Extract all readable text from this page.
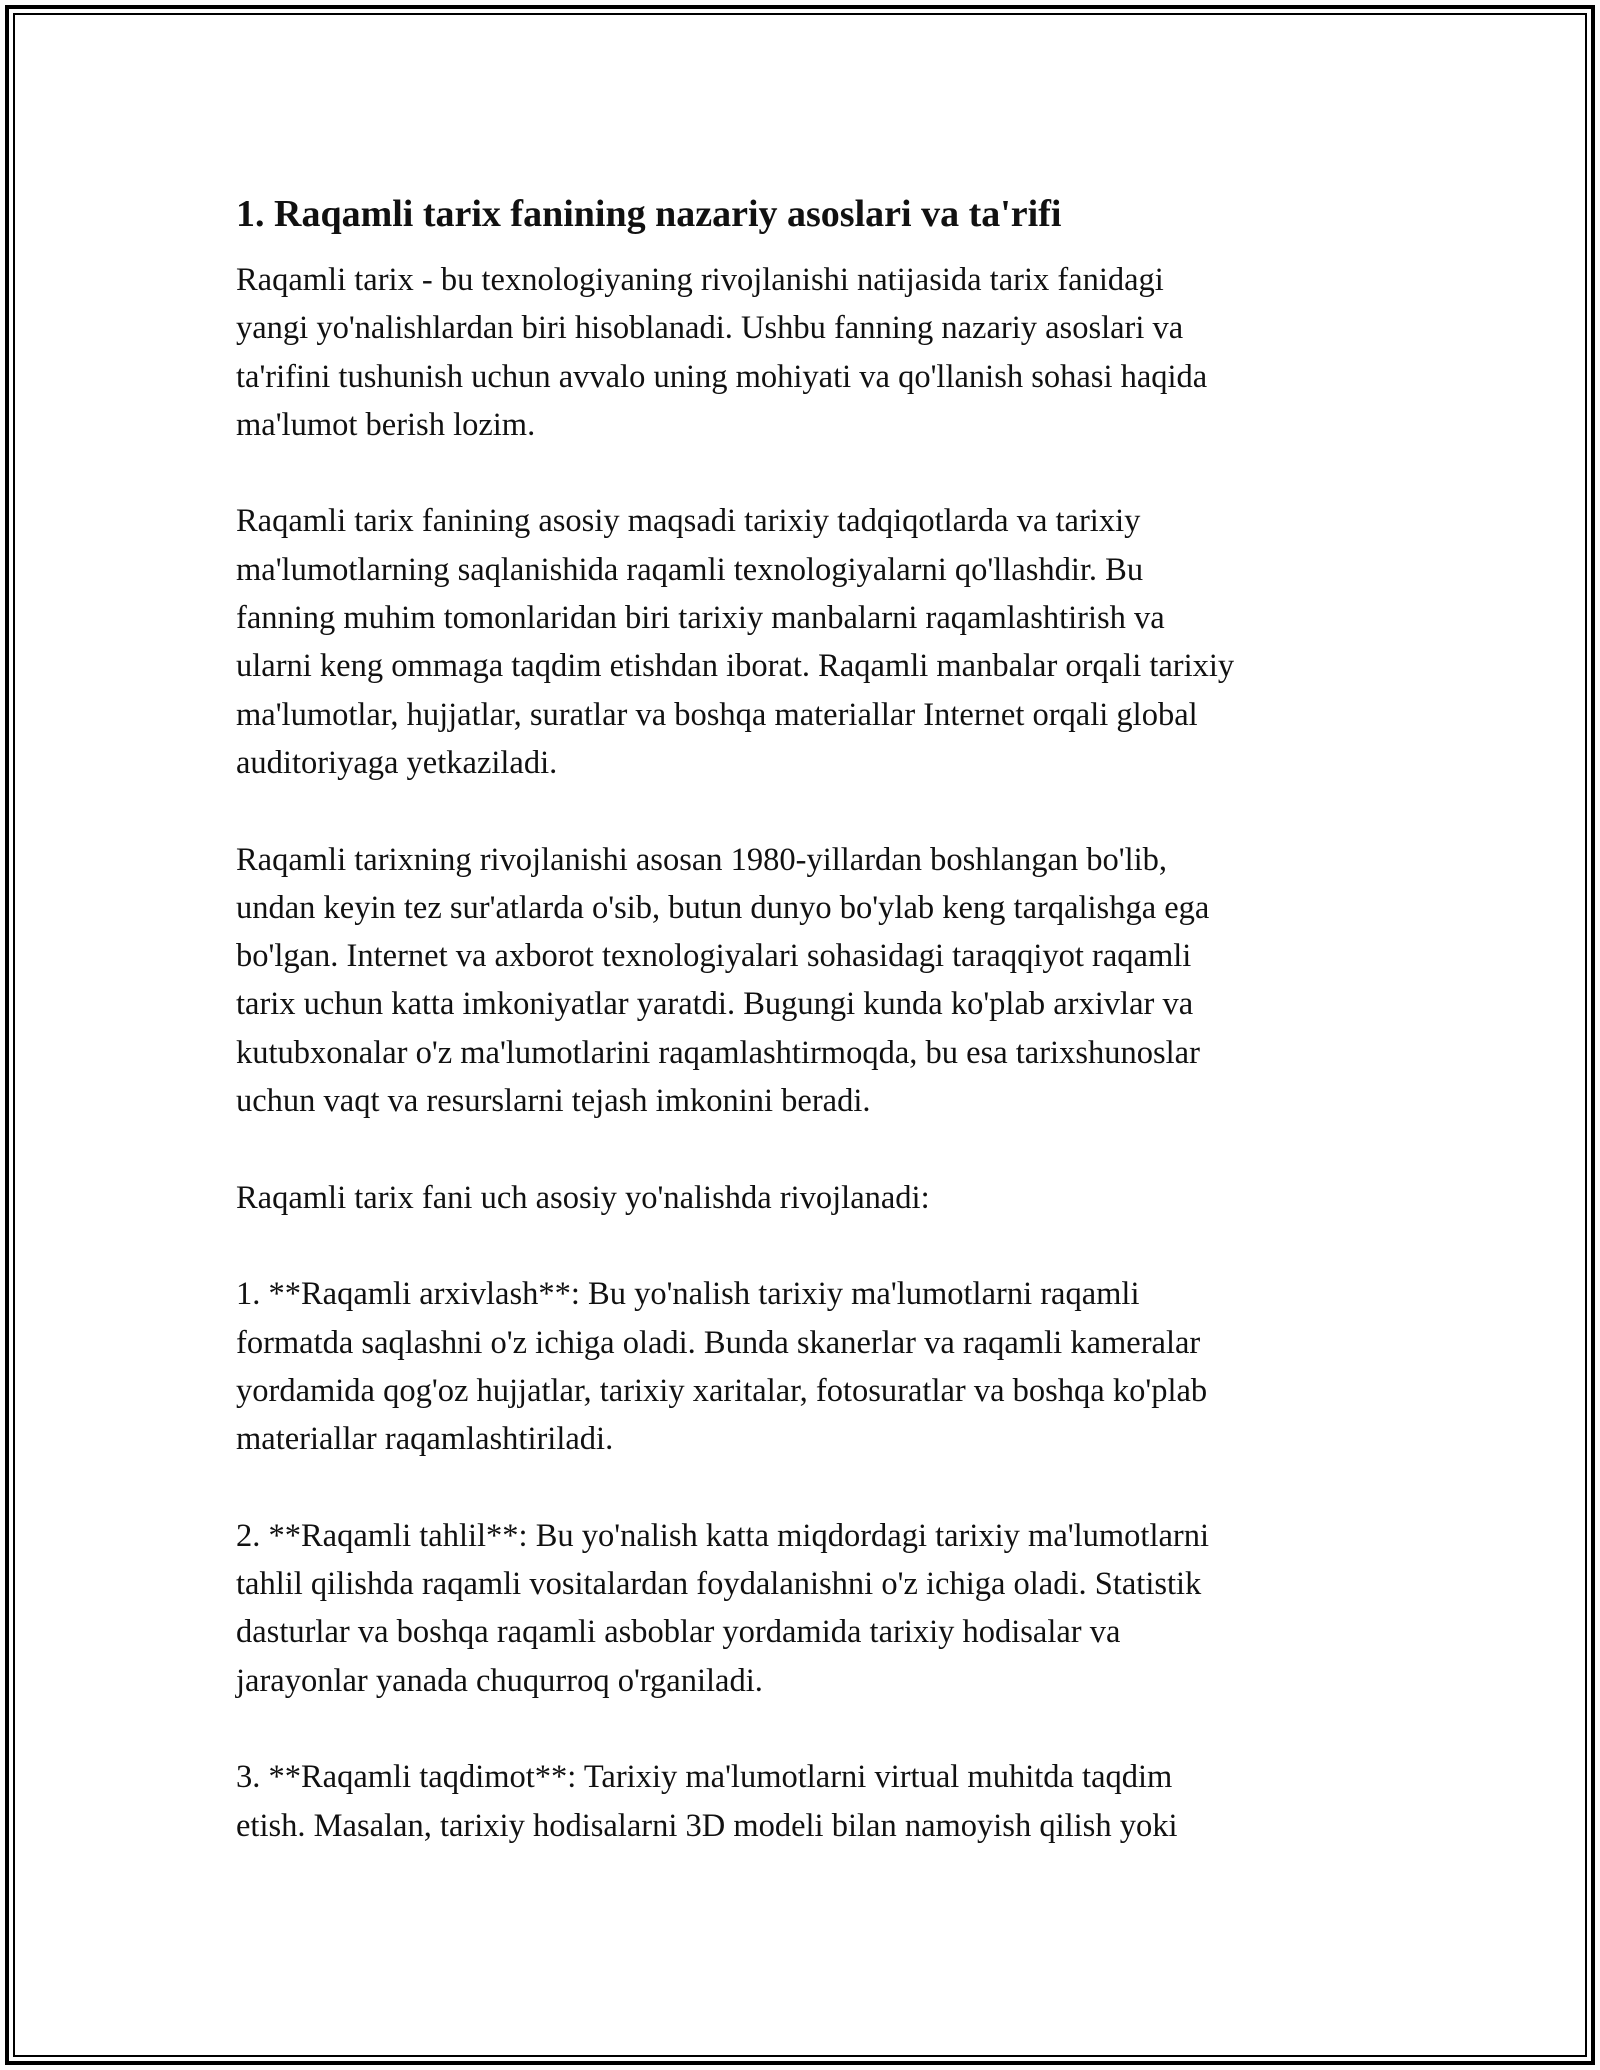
1. Raqamli tarix fanining nazariy asoslari va ta'rifi

Raqamli tarix - bu texnologiyaning rivojlanishi natijasida tarix fanidagi
yangi yo'nalishlardan biri hisoblanadi. Ushbu fanning nazariy asoslari va
ta'rifini tushunish uchun avvalo uning mohiyati va qo'llanish sohasi haqida
ma'lumot berish lozim.

Raqamli tarix fanining asosiy maqsadi tarixiy tadqiqotlarda va tarixiy
ma'lumotlarning saqlanishida raqamli texnologiyalarni qo'llashdir. Bu
fanning muhim tomonlaridan biri tarixiy manbalarni raqamlashtirish va
ularni keng ommaga taqdim etishdan iborat. Raqamli manbalar orqali tarixiy
ma'lumotlar, hujjatlar, suratlar va boshqa materiallar Internet orqali global
auditoriyaga yetkaziladi.

Raqamli tarixning rivojlanishi asosan 1980-yillardan boshlangan bo'lib,
undan keyin tez sur'atlarda o'sib, butun dunyo bo'ylab keng tarqalishga ega
bo'lgan. Internet va axborot texnologiyalari sohasidagi taraqqiyot raqamli
tarix uchun katta imkoniyatlar yaratdi. Bugungi kunda ko'plab arxivlar va
kutubxonalar o'z ma'lumotlarini raqamlashtirmoqda, bu esa tarixshunoslar
uchun vaqt va resurslarni tejash imkonini beradi.

Raqamli tarix fani uch asosiy yo'nalishda rivojlanadi:

1. **Raqamli arxivlash**: Bu yo'nalish tarixiy ma'lumotlarni raqamli
formatda saqlashni o'z ichiga oladi. Bunda skanerlar va raqamli kameralar
yordamida qog'oz hujjatlar, tarixiy xaritalar, fotosuratlar va boshqa ko'plab
materiallar raqamlashtiriladi.

2. **Raqamli tahlil**: Bu yo'nalish katta miqdordagi tarixiy ma'lumotlarni
tahlil qilishda raqamli vositalardan foydalanishni o'z ichiga oladi. Statistik
dasturlar va boshqa raqamli asboblar yordamida tarixiy hodisalar va
jarayonlar yanada chuqurroq o'rganiladi.

3. **Raqamli taqdimot**: Tarixiy ma'lumotlarni virtual muhitda taqdim
etish. Masalan, tarixiy hodisalarni 3D modeli bilan namoyish qilish yoki
